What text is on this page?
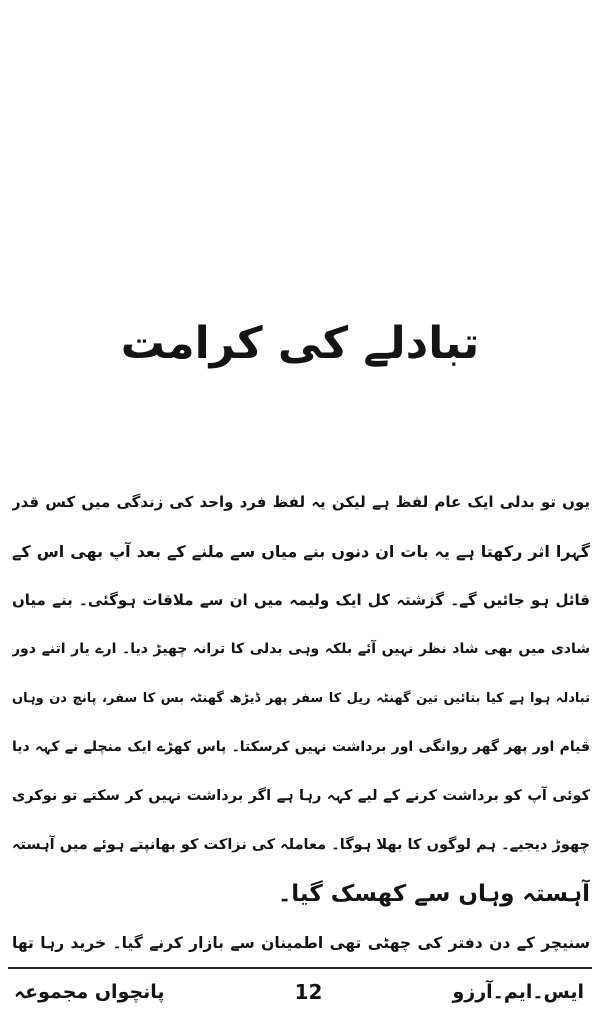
تبادلے کی کرامت
یوں تو بدلی ایک عام لفظ ہے لیکن یہ لفظ فرد واحد کی زندگی میں کس قدر
گہرا اثر رکھتا ہے یہ بات ان دنوں بنے میاں سے ملنے کے بعد آپ بھی اس کے
قائل ہو جائیں گے۔ گزشتہ کل ایک ولیمہ میں ان سے ملاقات ہوگئی۔ بنے میاں
شادی میں بھی شاد نظر نہیں آئے بلکہ وہی بدلی کا ترانہ چھیڑ دیا۔ ارے یار اتنے دور
تبادلہ ہوا ہے کیا بتائیں تین گھنٹہ ریل کا سفر پھر ڈیڑھ گھنٹہ بس کا سفر، پانچ دن وہاں
قیام اور پھر گھر روانگی اور برداشت نہیں کرسکتا۔ پاس کھڑے ایک منچلے نے کہہ دیا
کوئی آپ کو برداشت کرنے کے لیے کہہ رہا ہے اگر برداشت نہیں کر سکتے تو نوکری
چھوڑ دیجیے۔ ہم لوگوں کا بھلا ہوگا۔ معاملہ کی نزاکت کو بھانپتے ہوئے میں آہستہ
آہستہ وہاں سے کھسک گیا۔
سنیچر کے دن دفتر کی چھٹی تھی اطمینان سے بازار کرنے گیا۔ خرید رہا تھا
پانچواں مجموعہ	12	ایس۔ایم۔آرزو
